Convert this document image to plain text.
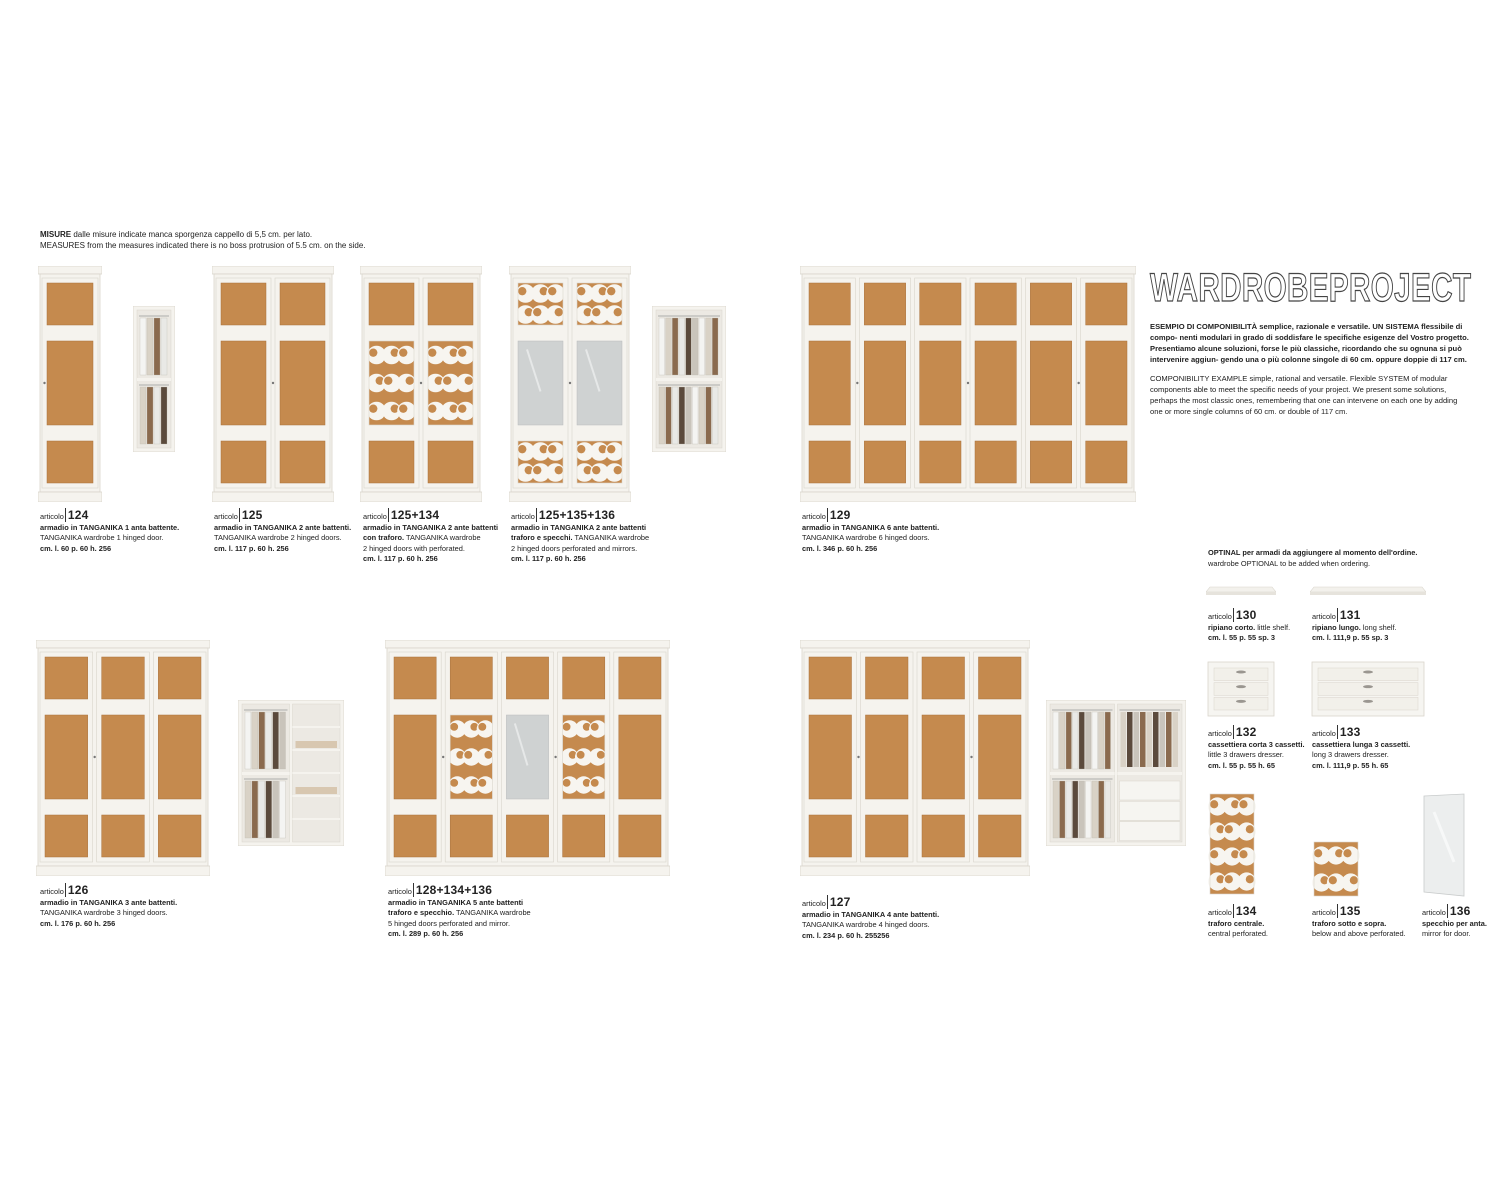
MISURE dalle misure indicate manca sporgenza cappello di 5,5 cm. per lato.
MEASURES from the measures indicated there is no boss protrusion of 5.5 cm. on the side.
WARDROBEPROJECT

ESEMPIO DI COMPONIBILITÀ semplice, razionale e versatile. UN SISTEMA flessibile di compo- nenti modulari in grado di soddisfare le specifiche esigenze del Vostro progetto. Presentiamo alcune soluzioni, forse le più classiche, ricordando che su ognuna si può intervenire aggiun- gendo una o più colonne singole di 60 cm. oppure doppie di 117 cm.

COMPONIBILITY EXAMPLE simple, rational and versatile. Flexible SYSTEM of modular components able to meet the specific needs of your project. We present some solutions, perhaps the most classic ones, remembering that one can intervene on each one by adding one or more single columns of 60 cm. or double of 117 cm.

OPTINAL per armadi da aggiungere al momento dell'ordine.
wardrobe OPTIONAL to be added when ordering.
articolo 124
armadio in TANGANIKA 1 anta battente.
TANGANIKA wardrobe 1 hinged door.
cm. l. 60 p. 60 h. 256
articolo 125
armadio in TANGANIKA 2 ante battenti.
TANGANIKA wardrobe 2 hinged doors.
cm. l. 117 p. 60 h. 256
articolo 125+134
armadio in TANGANIKA 2 ante battenti
con traforo. TANGANIKA wardrobe
2 hinged doors with perforated.
cm. l. 117 p. 60 h. 256
articolo 125+135+136
armadio in TANGANIKA 2 ante battenti
traforo e specchi. TANGANIKA wardrobe
2 hinged doors perforated and mirrors.
cm. l. 117 p. 60 h. 256
articolo 129
armadio in TANGANIKA 6 ante battenti.
TANGANIKA wardrobe 6 hinged doors.
cm. l. 346 p. 60 h. 256
articolo 126
armadio in TANGANIKA 3 ante battenti.
TANGANIKA wardrobe 3 hinged doors.
cm. l. 176 p. 60 h. 256
articolo 128+134+136
armadio in TANGANIKA 5 ante battenti
traforo e specchio. TANGANIKA wardrobe
5 hinged doors perforated and mirror.
cm. l. 289 p. 60 h. 256
articolo 127
armadio in TANGANIKA 4 ante battenti.
TANGANIKA wardrobe 4 hinged doors.
cm. l. 234 p. 60 h. 255256
articolo 130
ripiano corto. little shelf.
cm. l. 55 p. 55 sp. 3
articolo 131
ripiano lungo. long shelf.
cm. l. 111,9 p. 55 sp. 3
articolo 132
cassettiera corta 3 cassetti.
little 3 drawers dresser.
cm. l. 55 p. 55 h. 65
articolo 133
cassettiera lunga 3 cassetti.
long 3 drawers dresser.
cm. l. 111,9 p. 55 h. 65
articolo 134
traforo centrale.
central perforated.
articolo 135
traforo sotto e sopra.
below and above perforated.
articolo 136
specchio per anta.
mirror for door.
